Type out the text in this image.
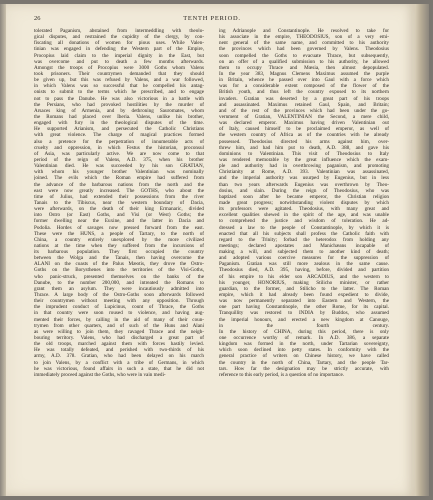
26	TENTH PERIOD.
tolerated Paganism, abstained from intermeddling with theolo-
gical disputes, and restrained the cupidity of the clergy, by con-
fiscating all donations of women for pious uses. While Valen-
tinian was engaged in defending the Western part of the Empire,
Procopius laid claim to the imperial dignity in the East, but
was overcome and put to death a few months afterwards.
Amongst the troops of Procopius were 3000 Goths whom Valens
took prisoners. Their countrymen demanded that they should
be given up, but this was refused by Valens, and a war followed,
in which Valens was so successful that he compelled his antag-
onists to submit to the terms which he prescribed, and to engage
not to pass the Danube. He was also victorious in a battle with
the Persians, who had provoked hostilities by the murder of
Arsaces king of Armenia, and by dethroning Sauromates, whom
the Romans had placed over Iberia. Valens, unlike his brother,
engaged with fury in the theological disputes of the time.
He supported Arianism, and persecuted the Catholic Christians
with great violence. The charge of magical practices formed
also a pretence for the perpetration of innumerable acts of
cruelty and oppression, in which Festus the historian, proconsul
of Asia, was particularly active. We are now come to that
period of the reign of Valens, A.D. 375, when his brother
Valentinian died. He was succeeded by his son GRATIAN,
with whom his younger brother Valentinian was nominally
joined. The evils which the Roman empire had suffered from
the advance of the barbarous nations from the north and the
east were now greatly increased. The GOTHS, who about the
time of Julius, had extended their possessions from the river
Tanais to the Tibiscus, near the western boundary of Dacia,
were afterwards, on the death of their king Ermanaric, divided
into Ostro (or East) Goths, and Visi (or West) Goths; the
former dwelling near the Euxine, and the latter in Dacia and
Podolia. Hordes of savages now pressed forward from the east.
These were the HUNS, a people of Tartary, to the north of
China, a country entirely unexplored by the more civilized
nations at the time when they suffered from the incursions of
its barbarous population. They first occupied the country
between the Wolga and the Tanais, then having overcome the
ALANI on the coasts of the Palus Mæotis, they drove the Ostro-
Goths on the Borysthenes into the territories of the Visi-Goths,
who panic-struck, presented themselves on the banks of the
Danube, to the number 200,000, and intreated the Romans to
grant them an asylum. They were incautiously admitted into
Thrace. A large body of the Ostro-Goths soon afterwards followed
their countrymen without meeting with any opposition. Through
the imprudent conduct of Lupicinus, count of Thrace, the Goths
in that country were soon roused to violence, and having aug-
mented their forces, by calling in the aid of many of their coun-
trymen from other quarters, and of such of the Huns and Alani
as were willing to join them, they ravaged Thrace and the neigh-
bouring territory. Valens, who had discharged a great part of
the old troops, marched against them with forces hastily levied.
He was totally defeated, and perished with two-thirds of his
army, A.D. 378. Gratian, who had been delayed on his march
to join Valens, by a conflict with a tribe of Germans, in which
he was victorious, found affairs in such a state, that he did not
immediately proceed against the Goths, who were in vain medi-
ing Adrianople and Constantinople. He resolved to take for
his associate in the empire, THEODOSIUS, son of a very emi-
nent general of the same name, and committed to his authority
the provinces which had been governed by Valens. Theodosius
soon compelled the Goths to evacuate Thrace, but subsequently,
on an offer of a qualified submission to his authority, he allowed
them to occupy Thrace and Mœsia, then almost depopulated.
In the year 383, Magnus Clemens Maximus assumed the purple
in Britain, whence he passed over into Gaul with a force which
was for a considerable extent composed of the flower of the
British youth, and thus left the country exposed to its northern
invaders. Gratian was deserted by a great part of his troops
and assassinated. Maximus retained Gaul, Spain, and Britain;
and of the rest of the provinces which had been under the go-
vernment of Gratian, VALENTINIAN the Second, a mere child,
was declared emperor. Maximus having driven Valentinian out
of Italy, caused himself to be proclaimed emperor, as well of
the western country of Africa as of the countries with he already
possessed. Theodosius directed his arms against him, over-
threw him, and had him put to death, A.D. 388, and gave his
dominions to Valentinian. This visit of Theodosius to Italy
was rendered memorable by the great influence which the exam-
ple and authority had in overthrowing paganism, and promoting
Christianity at Rome, A.D. 393. Valentinian was assassinated,
and the imperial authority was usurped by Eugenius, but in less
than two years afterwards Eugenius was overthrown by Theo-
dosius, and slain. During the reign of Theodosius, who was
baptized soon after he became emperor, the Christian religion
made great progress; notwithstanding violent disputes by which
its professors were agitated. Theodosius, with many great and
excellent qualities shewed in the spirit of the age, and was unable
to comprehend the justice and wisdom of toleration. He ad-
dressed a law to the people of Constantinople, by which it is
enacted that all his subjects shall profess the Catholic faith with
regard to the Trinity; forbad the heterodox from holding any
meetings; declared apostates and Manichæans incapable of
making a will, and subjected them to another kind of death;
and adopted various coercive measures for the suppression of
Paganism. Gratian was still more zealous in the same cause.
Theodosius died, A.D. 395, having, before, divided and partition
of his empire to his elder son ARCADIUS, and the western to
his younger, HONORIUS, making Stilicho minister, or rather
guardian, to the former, and Stilicho to the latter. The Roman
empire, which it had already been found expedient to divide,
was now permanently separated into Eastern and Western, the
one part having Constantinople, the other Rome, for its capital.
Tranquillity was restored to INDIA by Buddos, who assumed
the imperial honours, and erected a new kingdom at Canouge,
in the fourth century.
In the history of CHINA, during this period, there is only
one occurrence worthy of remark. In A.D. 386, a separate
kingdom was formed in the north, under Tartarian sovereignty,
which soon declined into petty states. In conformity with the
general practice of writers on Chinese history, we have called
the country in the north of China, Tartary, and the people Tar-
tars. How far the designation may be strictly accurate, with
reference to this early period, is a question of no importance.
